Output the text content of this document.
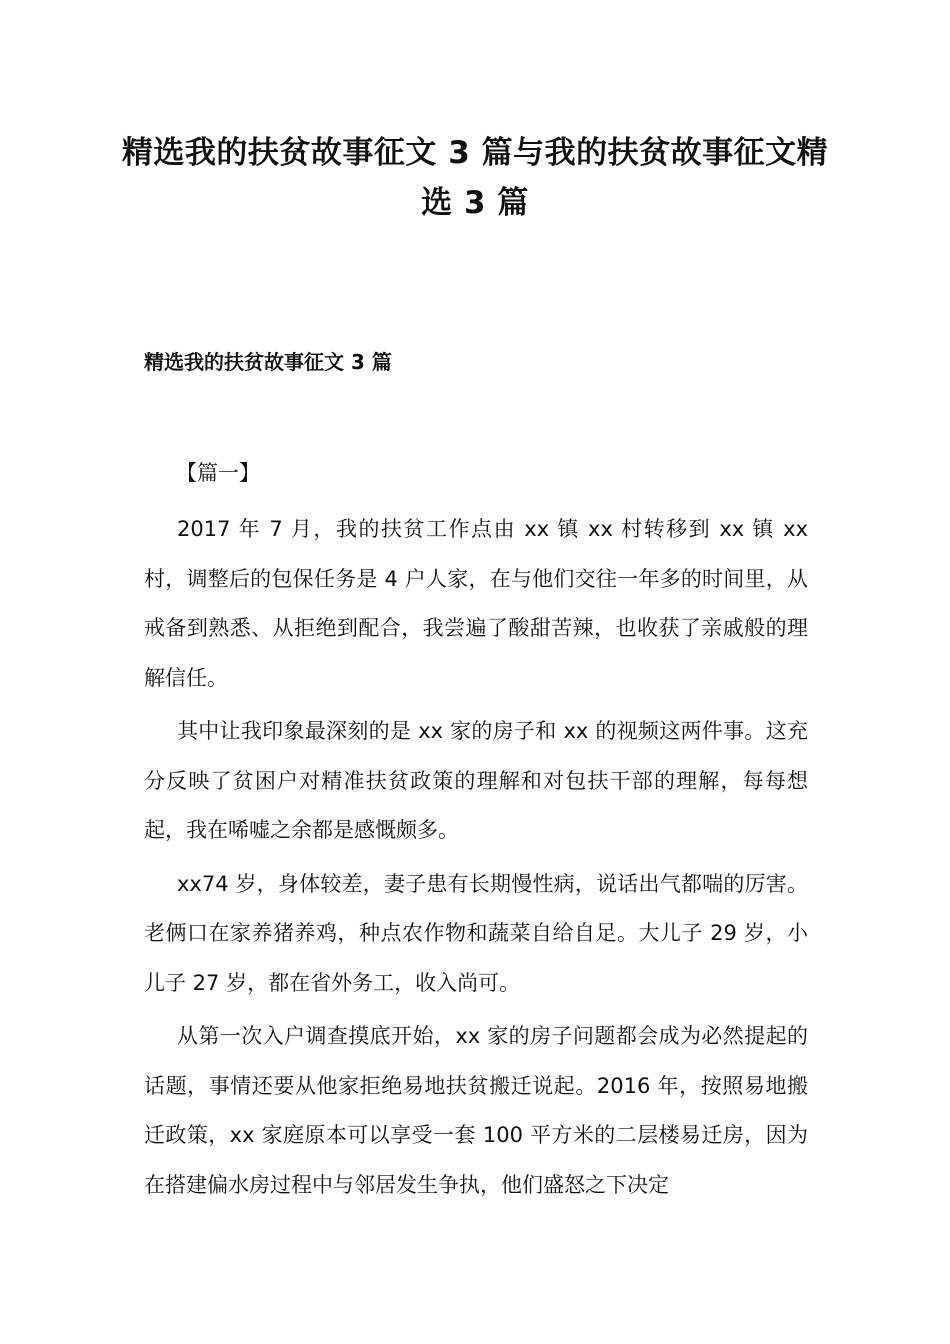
精选我的扶贫故事征文 3 篇与我的扶贫故事征文精选 3 篇
精选我的扶贫故事征文 3 篇
【篇一】

2017 年 7 月，我的扶贫工作点由 xx 镇 xx 村转移到 xx 镇 xx 村，调整后的包保任务是 4 户人家，在与他们交往一年多的时间里，从戒备到熟悉、从拒绝到配合，我尝遍了酸甜苦辣，也收获了亲戚般的理解信任。

其中让我印象最深刻的是 xx 家的房子和 xx 的视频这两件事。这充分反映了贫困户对精准扶贫政策的理解和对包扶干部的理解，每每想起，我在唏嘘之余都是感慨颇多。

xx74 岁，身体较差，妻子患有长期慢性病，说话出气都喘的厉害。老俩口在家养猪养鸡，种点农作物和蔬菜自给自足。大儿子 29 岁，小儿子 27 岁，都在省外务工，收入尚可。

从第一次入户调查摸底开始，xx 家的房子问题都会成为必然提起的话题，事情还要从他家拒绝易地扶贫搬迁说起。2016 年，按照易地搬迁政策，xx 家庭原本可以享受一套 100 平方米的二层楼易迁房，因为在搭建偏水房过程中与邻居发生争执，他们盛怒之下决定
